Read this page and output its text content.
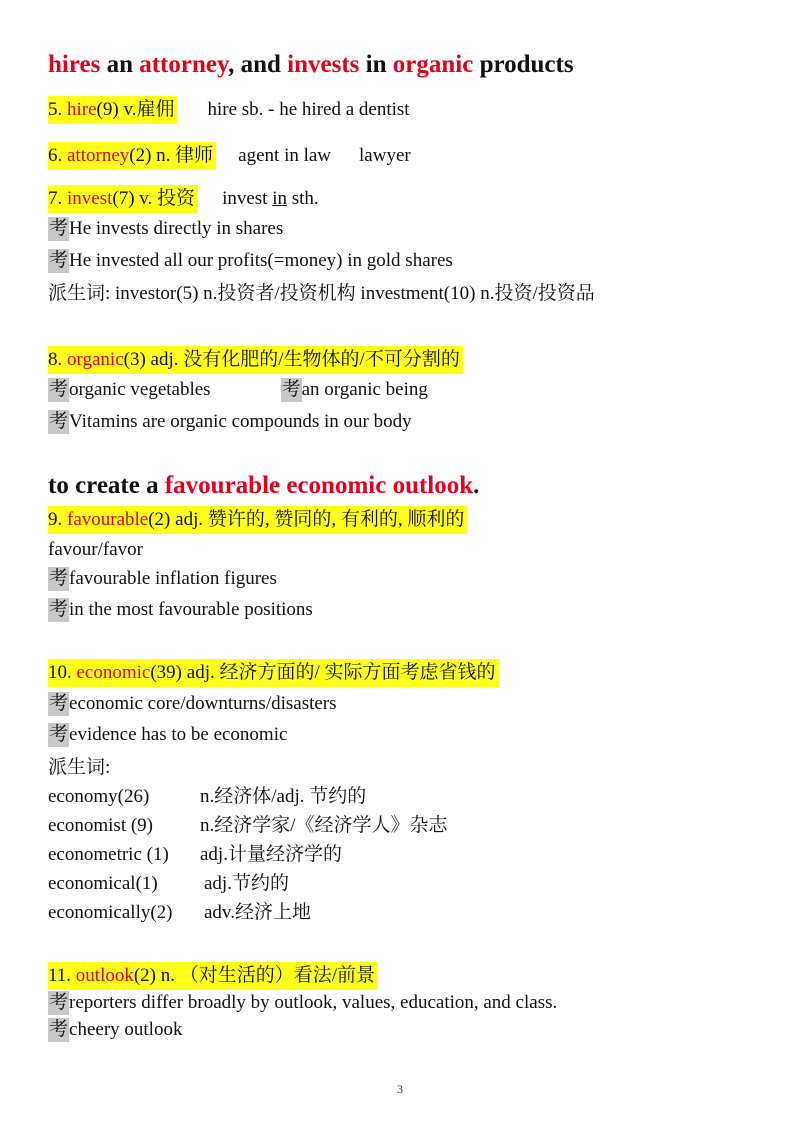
hires an attorney, and invests in organic products
5. hire(9) v.雇佣 hire sb. - he hired a dentist
6. attorney(2) n. 律师 agent in law lawyer
7. invest(7) v. 投资 invest in sth.
考He invests directly in shares
考He invested all our profits(=money) in gold shares
派生词: investor(5) n.投资者/投资机构 investment(10) n.投资/投资品
8. organic(3) adj. 没有化肥的/生物体的/不可分割的
考organic vegetables	考an organic being
考Vitamins are organic compounds in our body
to create a favourable economic outlook.
9. favourable(2) adj. 赞许的, 赞同的, 有利的, 顺利的
favour/favor
考favourable inflation figures
考in the most favourable positions
10. economic(39) adj. 经济方面的/ 实际方面考虑省钱的
考economic core/downturns/disasters
考evidence has to be economic
派生词:
economy(26)	n.经济体/adj. 节约的
economist (9) n.经济学家/《经济学人》杂志
econometric (1) adj.计量经济学的
economical(1) adj.节约的
economically(2) adv.经济上地
11. outlook(2) n. （对生活的）看法/前景
考reporters differ broadly by outlook, values, education, and class.
考cheery outlook
3
